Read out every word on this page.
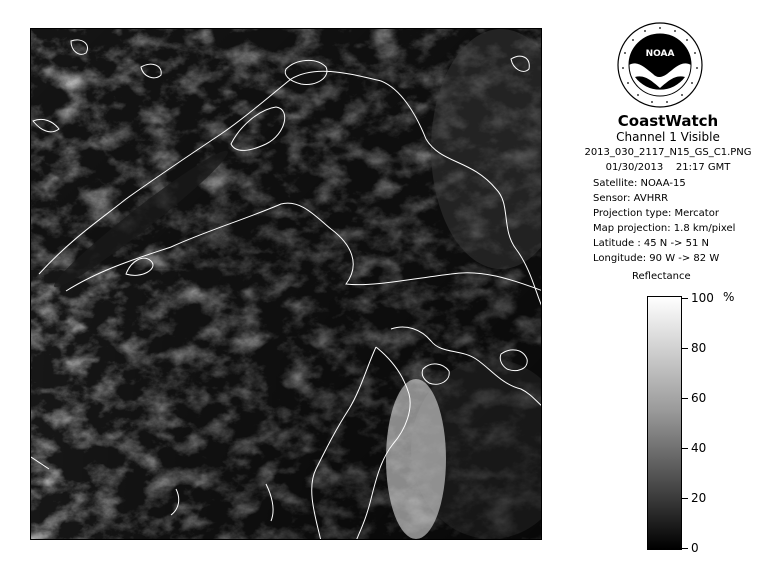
NOAA
CoastWatch
Channel 1 Visible
2013_030_2117_N15_GS_C1.PNG
01/30/2013    21:17 GMT
Satellite: NOAA-15
Sensor: AVHRR
Projection type: Mercator
Map projection: 1.8 km/pixel
Latitude : 45 N -> 51 N
Longitude: 90 W -> 82 W
Reflectance
100
80
60
40
20
0
%
